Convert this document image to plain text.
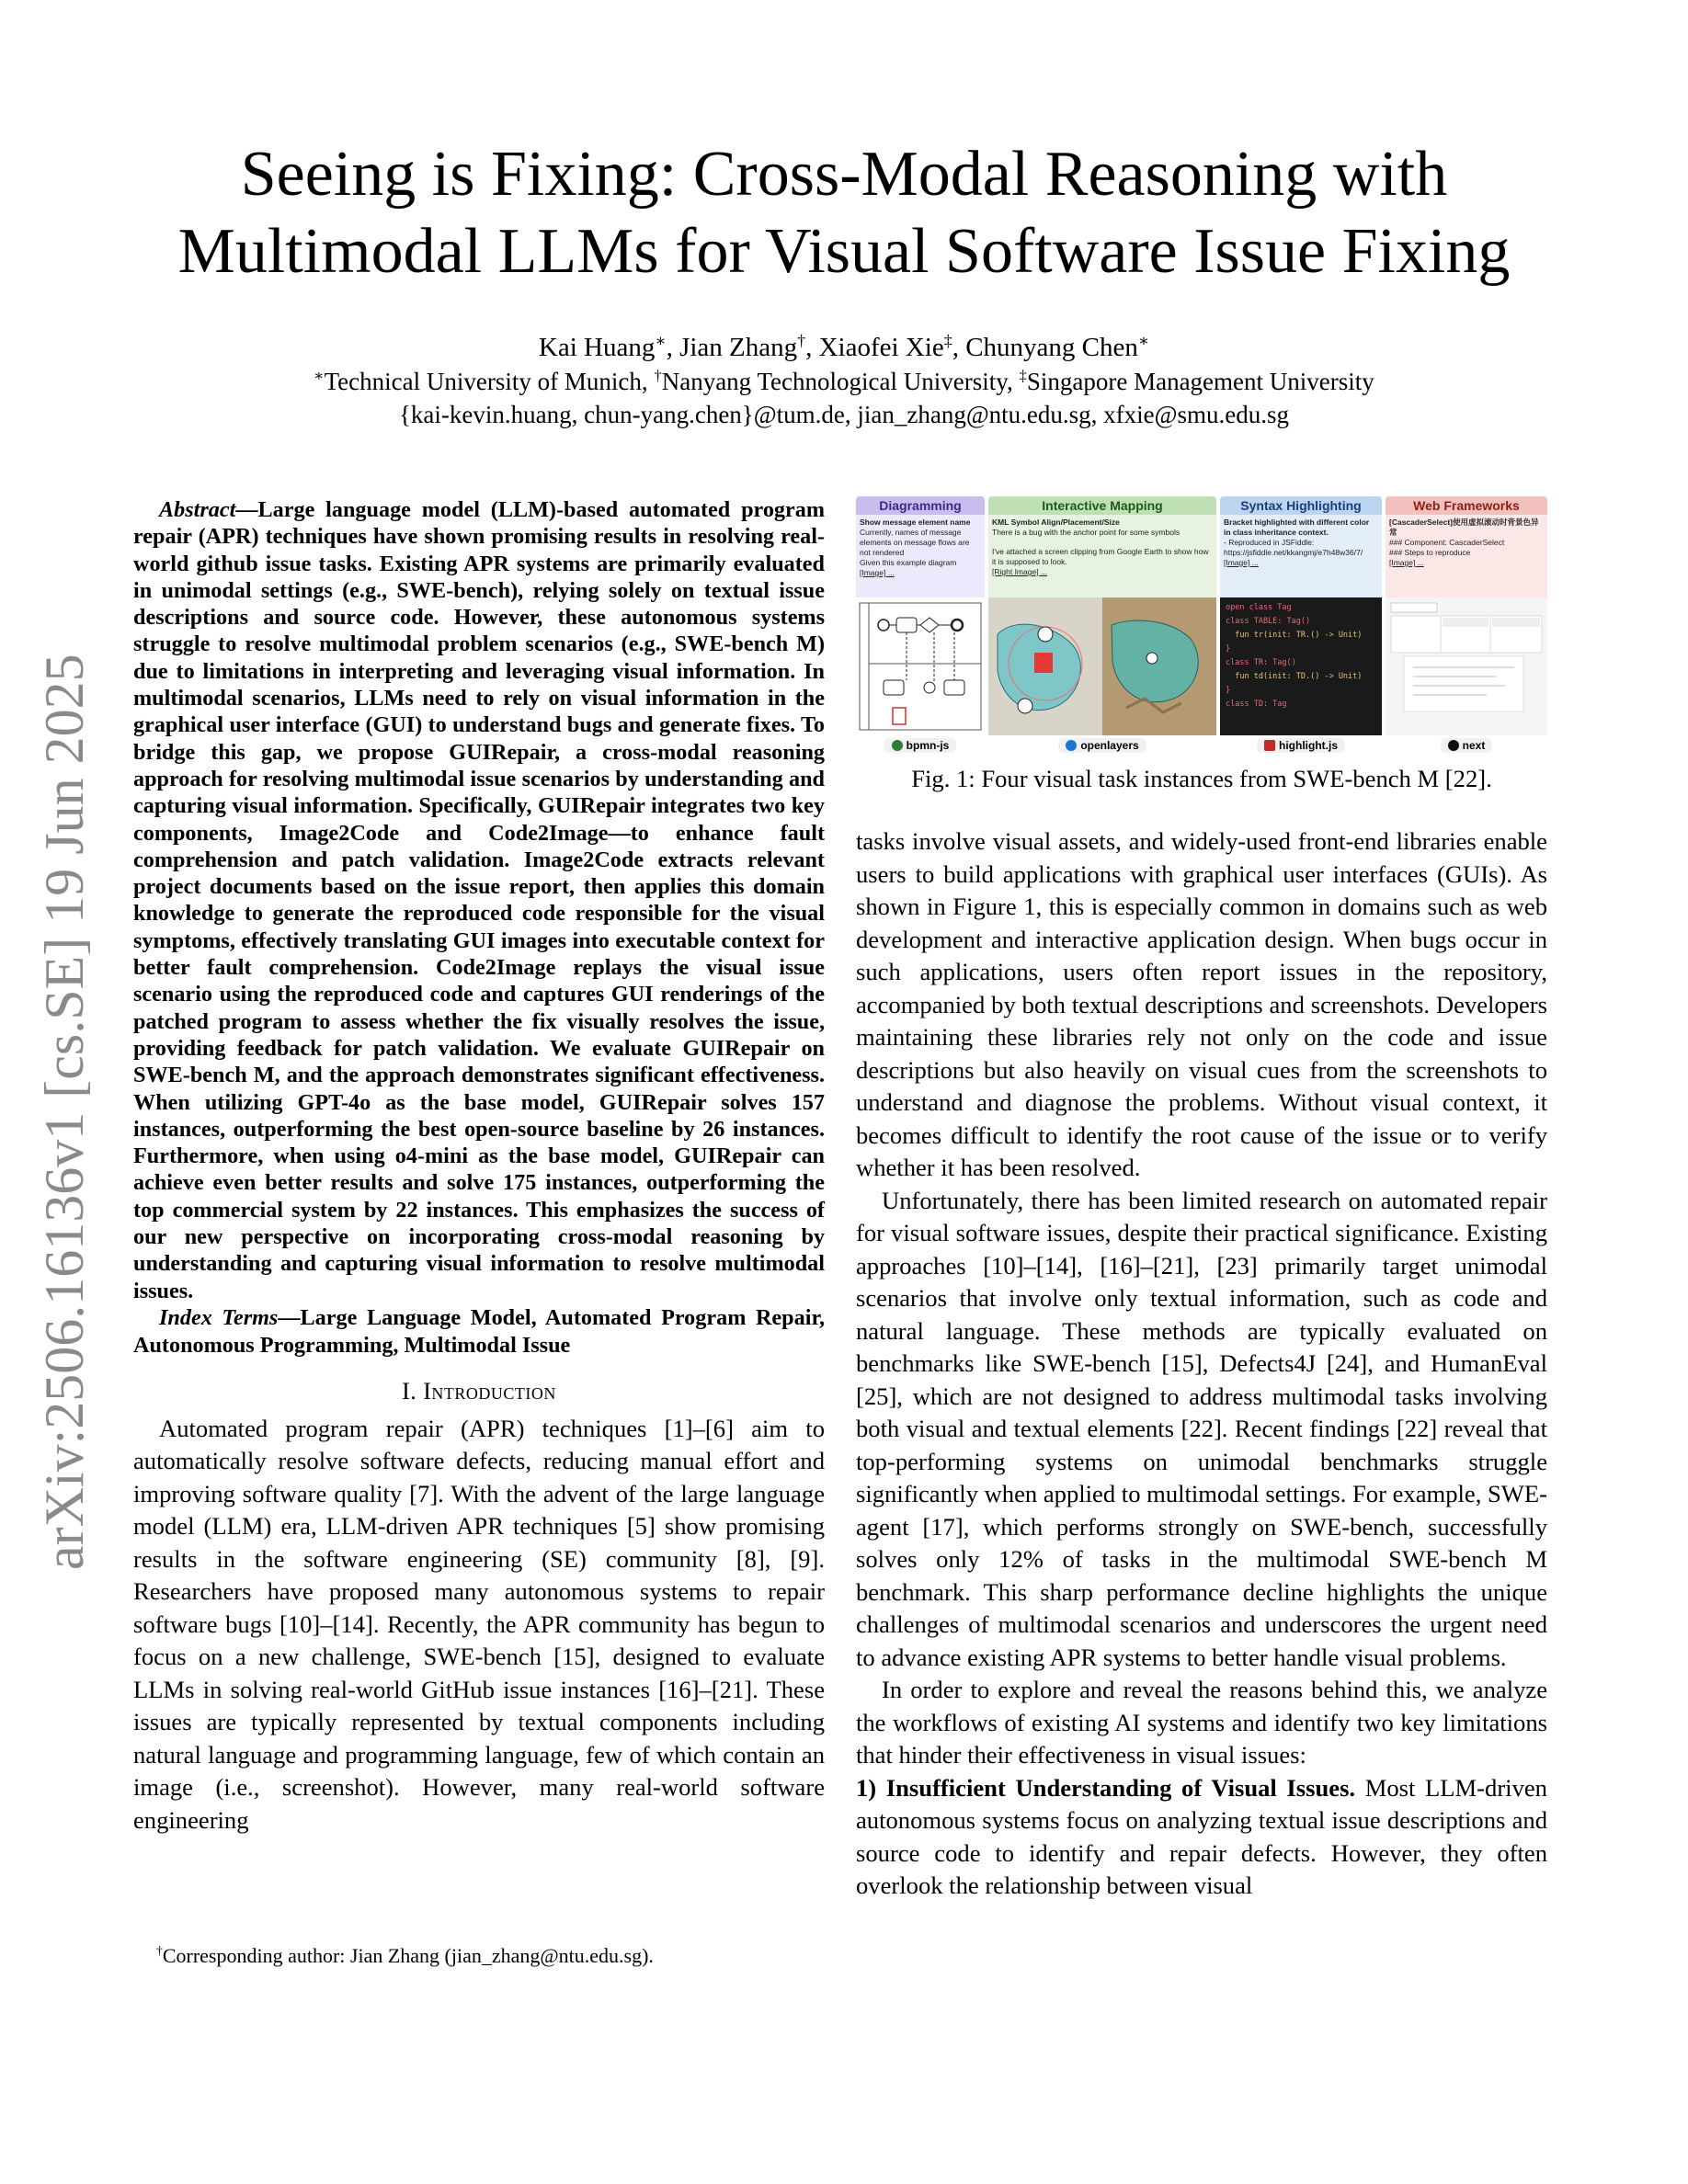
Seeing is Fixing: Cross-Modal Reasoning with
Multimodal LLMs for Visual Software Issue Fixing
Kai Huang∗, Jian Zhang†, Xiaofei Xie‡, Chunyang Chen∗
∗Technical University of Munich, †Nanyang Technological University, ‡Singapore Management University
{kai-kevin.huang, chun-yang.chen}@tum.de, jian_zhang@ntu.edu.sg, xfxie@smu.edu.sg
arXiv:2506.16136v1 [cs.SE] 19 Jun 2025

Abstract—Large language model (LLM)-based automated program repair (APR) techniques have shown promising results in resolving real-world github issue tasks. Existing APR systems are primarily evaluated in unimodal settings (e.g., SWE-bench), relying solely on textual issue descriptions and source code. However, these autonomous systems struggle to resolve multimodal problem scenarios (e.g., SWE-bench M) due to limitations in interpreting and leveraging visual information. In multimodal scenarios, LLMs need to rely on visual information in the graphical user interface (GUI) to understand bugs and generate fixes. To bridge this gap, we propose GUIRepair, a cross-modal reasoning approach for resolving multimodal issue scenarios by understanding and capturing visual information. Specifically, GUIRepair integrates two key components, Image2Code and Code2Image—to enhance fault comprehension and patch validation. Image2Code extracts relevant project documents based on the issue report, then applies this domain knowledge to generate the reproduced code responsible for the visual symptoms, effectively translating GUI images into executable context for better fault comprehension. Code2Image replays the visual issue scenario using the reproduced code and captures GUI renderings of the patched program to assess whether the fix visually resolves the issue, providing feedback for patch validation. We evaluate GUIRepair on SWE-bench M, and the approach demonstrates significant effectiveness. When utilizing GPT-4o as the base model, GUIRepair solves 157 instances, outperforming the best open-source baseline by 26 instances. Furthermore, when using o4-mini as the base model, GUIRepair can achieve even better results and solve 175 instances, outperforming the top commercial system by 22 instances. This emphasizes the success of our new perspective on incorporating cross-modal reasoning by understanding and capturing visual information to resolve multimodal issues.

Index Terms—Large Language Model, Automated Program Repair, Autonomous Programming, Multimodal Issue

I. Introduction

Automated program repair (APR) techniques [1]–[6] aim to automatically resolve software defects, reducing manual effort and improving software quality [7]. With the advent of the large language model (LLM) era, LLM-driven APR techniques [5] show promising results in the software engineering (SE) community [8], [9]. Researchers have proposed many autonomous systems to repair software bugs [10]–[14]. Recently, the APR community has begun to focus on a new challenge, SWE-bench [15], designed to evaluate LLMs in solving real-world GitHub issue instances [16]–[21]. These issues are typically represented by textual components including natural language and programming language, few of which contain an image (i.e., screenshot). However, many real-world software engineering

†Corresponding author: Jian Zhang (jian_zhang@ntu.edu.sg).
Diagramming
Show message element name
Currently, names of message elements on message flows are not rendered
Given this example diagram
[Image] ...
bpmn-js
Interactive Mapping
KML Symbol Align/Placement/Size
There is a bug with the anchor point for some symbols
I've attached a screen clipping from Google Earth to show how it is supposed to look.
[Right Image] ...
openlayers
Syntax Highlighting
Bracket highlighted with different color in class inheritance context.
- Reproduced in JSFiddle: https://jsfiddle.net/kkangmj/e7h48w36/7/
[Image] ...
open class Tag
class TABLE: Tag()
fun tr(init: TR.() -> Unit)
}
class TR: Tag()
fun td(init: TD.() -> Unit)
}
class TD: Tag
highlight.js
Web Frameworks
[CascaderSelect]使用虚拟滚动时背景色异常
### Component: CascaderSelect
### Steps to reproduce
[Image] ...
next
Fig. 1: Four visual task instances from SWE-bench M [22].

tasks involve visual assets, and widely-used front-end libraries enable users to build applications with graphical user interfaces (GUIs). As shown in Figure 1, this is especially common in domains such as web development and interactive application design. When bugs occur in such applications, users often report issues in the repository, accompanied by both textual descriptions and screenshots. Developers maintaining these libraries rely not only on the code and issue descriptions but also heavily on visual cues from the screenshots to understand and diagnose the problems. Without visual context, it becomes difficult to identify the root cause of the issue or to verify whether it has been resolved.

Unfortunately, there has been limited research on automated repair for visual software issues, despite their practical significance. Existing approaches [10]–[14], [16]–[21], [23] primarily target unimodal scenarios that involve only textual information, such as code and natural language. These methods are typically evaluated on benchmarks like SWE-bench [15], Defects4J [24], and HumanEval [25], which are not designed to address multimodal tasks involving both visual and textual elements [22]. Recent findings [22] reveal that top-performing systems on unimodal benchmarks struggle significantly when applied to multimodal settings. For example, SWE-agent [17], which performs strongly on SWE-bench, successfully solves only 12% of tasks in the multimodal SWE-bench M benchmark. This sharp performance decline highlights the unique challenges of multimodal scenarios and underscores the urgent need to advance existing APR systems to better handle visual problems.

In order to explore and reveal the reasons behind this, we analyze the workflows of existing AI systems and identify two key limitations that hinder their effectiveness in visual issues:

1) Insufficient Understanding of Visual Issues. Most LLM-driven autonomous systems focus on analyzing textual issue descriptions and source code to identify and repair defects. However, they often overlook the relationship between visual
